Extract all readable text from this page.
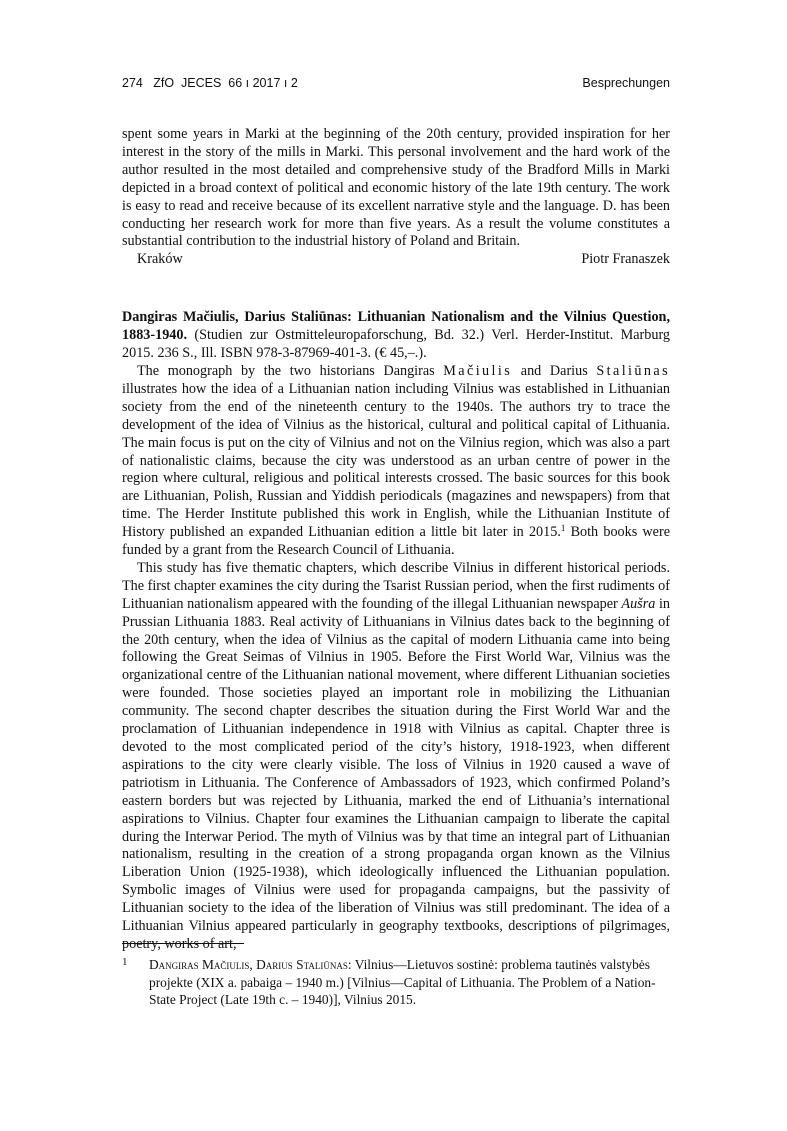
274   ZfO  JECES  66 ı 2017 ı 2	Besprechungen

spent some years in Marki at the beginning of the 20th century, provided inspiration for her interest in the story of the mills in Marki. This personal involvement and the hard work of the author resulted in the most detailed and comprehensive study of the Bradford Mills in Marki depicted in a broad context of political and economic history of the late 19th century. The work is easy to read and receive because of its excellent narrative style and the language. D. has been conducting her research work for more than five years. As a result the volume constitutes a substantial contribution to the industrial history of Poland and Britain.

Kraków	Piotr Franaszek

Dangiras Mačiulis, Darius Staliūnas: Lithuanian Nationalism and the Vilnius Question, 1883-1940. (Studien zur Ostmitteleuropaforschung, Bd. 32.) Verl. Herder-Institut. Marburg 2015. 236 S., Ill. ISBN 978-3-87969-401-3. (€ 45,–.).

The monograph by the two historians Dangiras Mačiulis and Darius Staliūnas illustrates how the idea of a Lithuanian nation including Vilnius was established in Lithuanian society from the end of the nineteenth century to the 1940s. The authors try to trace the development of the idea of Vilnius as the historical, cultural and political capital of Lithuania. The main focus is put on the city of Vilnius and not on the Vilnius region, which was also a part of nationalistic claims, because the city was understood as an urban centre of power in the region where cultural, religious and political interests crossed. The basic sources for this book are Lithuanian, Polish, Russian and Yiddish periodicals (magazines and newspapers) from that time. The Herder Institute published this work in English, while the Lithuanian Institute of History published an expanded Lithuanian edition a little bit later in 2015.$^1$ Both books were funded by a grant from the Research Council of Lithuania.

This study has five thematic chapters, which describe Vilnius in different historical periods. The first chapter examines the city during the Tsarist Russian period, when the first rudiments of Lithuanian nationalism appeared with the founding of the illegal Lithuanian newspaper Aušra in Prussian Lithuania 1883. Real activity of Lithuanians in Vilnius dates back to the beginning of the 20th century, when the idea of Vilnius as the capital of modern Lithuania came into being following the Great Seimas of Vilnius in 1905. Before the First World War, Vilnius was the organizational centre of the Lithuanian national movement, where different Lithuanian societies were founded. Those societies played an important role in mobilizing the Lithuanian community. The second chapter describes the situation during the First World War and the proclamation of Lithuanian independence in 1918 with Vilnius as capital. Chapter three is devoted to the most complicated period of the city’s history, 1918-1923, when different aspirations to the city were clearly visible. The loss of Vilnius in 1920 caused a wave of patriotism in Lithuania. The Conference of Ambassadors of 1923, which confirmed Poland’s eastern borders but was rejected by Lithuania, marked the end of Lithuania’s international aspirations to Vilnius. Chapter four examines the Lithuanian campaign to liberate the capital during the Interwar Period. The myth of Vilnius was by that time an integral part of Lithuanian nationalism, resulting in the creation of a strong propaganda organ known as the Vilnius Liberation Union (1925-1938), which ideologically influenced the Lithuanian population. Symbolic images of Vilnius were used for propaganda campaigns, but the passivity of Lithuanian society to the idea of the liberation of Vilnius was still predominant. The idea of a Lithuanian Vilnius appeared particularly in geography textbooks, descriptions of pilgrimages, poetry, works of art,

1 Dangiras Mačiulis, Darius Staliūnas: Vilnius—Lietuvos sostinė: problema tautinės valstybės projekte (XIX a. pabaiga – 1940 m.) [Vilnius—Capital of Lithuania. The Problem of a Nation-State Project (Late 19th c. – 1940)], Vilnius 2015.
